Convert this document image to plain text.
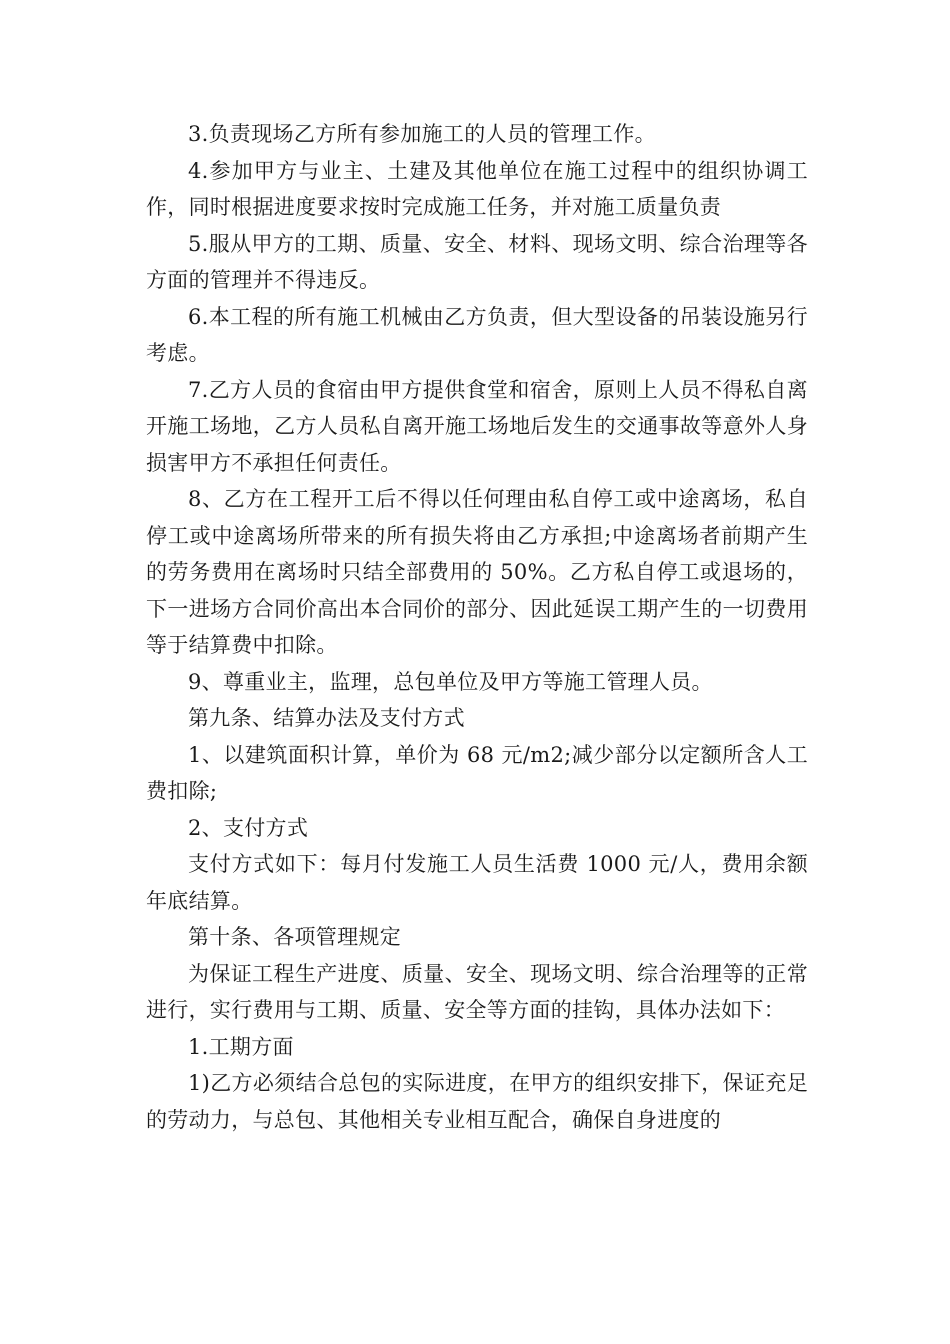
3.负责现场乙方所有参加施工的人员的管理工作。

4.参加甲方与业主、土建及其他单位在施工过程中的组织协调工作，同时根据进度要求按时完成施工任务，并对施工质量负责

5.服从甲方的工期、质量、安全、材料、现场文明、综合治理等各方面的管理并不得违反。

6.本工程的所有施工机械由乙方负责，但大型设备的吊装设施另行考虑。

7.乙方人员的食宿由甲方提供食堂和宿舍，原则上人员不得私自离开施工场地，乙方人员私自离开施工场地后发生的交通事故等意外人身损害甲方不承担任何责任。

8、乙方在工程开工后不得以任何理由私自停工或中途离场，私自停工或中途离场所带来的所有损失将由乙方承担;中途离场者前期产生的劳务费用在离场时只结全部费用的 50%。乙方私自停工或退场的，下一进场方合同价高出本合同价的部分、因此延误工期产生的一切费用等于结算费中扣除。

9、尊重业主，监理，总包单位及甲方等施工管理人员。

第九条、结算办法及支付方式

1、以建筑面积计算，单价为 68 元/m2;减少部分以定额所含人工费扣除;

2、支付方式

支付方式如下：每月付发施工人员生活费 1000 元/人，费用余额年底结算。

第十条、各项管理规定

为保证工程生产进度、质量、安全、现场文明、综合治理等的正常进行，实行费用与工期、质量、安全等方面的挂钩，具体办法如下：

1.工期方面

1)乙方必须结合总包的实际进度，在甲方的组织安排下，保证充足的劳动力，与总包、其他相关专业相互配合，确保自身进度的
